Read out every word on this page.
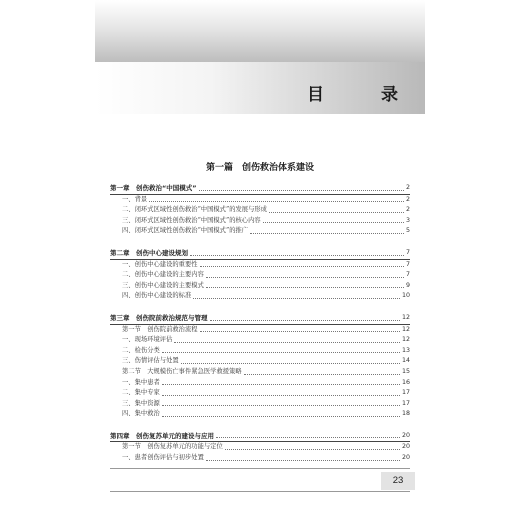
目　录
第一篇　创伤救治体系建设
第一章　创伤救治“中国模式”	2
一、背景	2
二、闭环式区域性创伤救治“中国模式”的发展与形成	2
三、闭环式区域性创伤救治“中国模式”的核心内容	3
四、闭环式区域性创伤救治“中国模式”的推广	5
第二章　创伤中心建设规划	7
一、创伤中心建设的重要性	7
二、创伤中心建设的主要内容	7
三、创伤中心建设的主要模式	9
四、创伤中心建设的标准	10
第三章　创伤院前救治规范与管理	12
第一节　创伤院前救治流程	12
一、现场环境评估	12
二、检伤分类	13
三、伤情评估与处置	14
第二节　大规模伤亡事件紧急医学救援策略	15
一、集中患者	16
二、集中专家	17
三、集中资源	17
四、集中救治	18
第四章　创伤复苏单元的建设与应用	20
第一节　创伤复苏单元的功能与定位	20
一、患者创伤评估与初步处置	20
23
